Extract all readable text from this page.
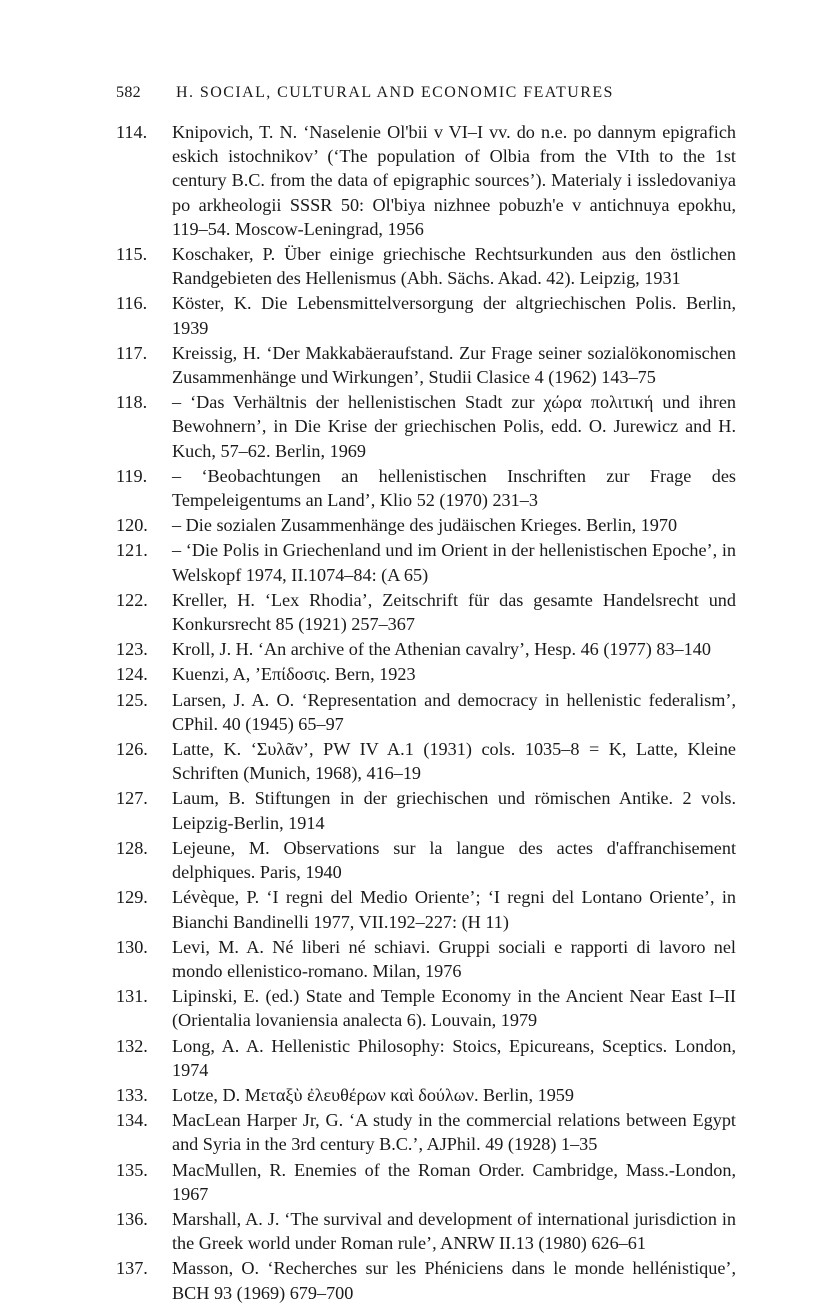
582 H. SOCIAL, CULTURAL AND ECONOMIC FEATURES
114.	Knipovich, T. N. ‘Naselenie Ol'bii v VI–I vv. do n.e. po dannym epigrafich eskich istochnikov’ (‘The population of Olbia from the VIth to the 1st century B.C. from the data of epigraphic sources’). Materialy i issledovaniya po arkheologii SSSR 50: Ol'biya nizhnee pobuzh'e v antichnuya epokhu, 119–54. Moscow-Leningrad, 1956
115.	Koschaker, P. Über einige griechische Rechtsurkunden aus den östlichen Randgebieten des Hellenismus (Abh. Sächs. Akad. 42). Leipzig, 1931
116.	Köster, K. Die Lebensmittelversorgung der altgriechischen Polis. Berlin, 1939
117.	Kreissig, H. ‘Der Makkabäeraufstand. Zur Frage seiner sozialökonomischen Zusammenhänge und Wirkungen’, Studii Clasice 4 (1962) 143–75
118.	– ‘Das Verhältnis der hellenistischen Stadt zur χώρα πολιτική und ihren Bewohnern’, in Die Krise der griechischen Polis, edd. O. Jurewicz and H. Kuch, 57–62. Berlin, 1969
119.	– ‘Beobachtungen an hellenistischen Inschriften zur Frage des Tempeleigentums an Land’, Klio 52 (1970) 231–3
120.	– Die sozialen Zusammenhänge des judäischen Krieges. Berlin, 1970
121.	– ‘Die Polis in Griechenland und im Orient in der hellenistischen Epoche’, in Welskopf 1974, II.1074–84: (A 65)
122.	Kreller, H. ‘Lex Rhodia’, Zeitschrift für das gesamte Handelsrecht und Konkursrecht 85 (1921) 257–367
123.	Kroll, J. H. ‘An archive of the Athenian cavalry’, Hesp. 46 (1977) 83–140
124.	Kuenzi, A, ’Επίδοσις. Bern, 1923
125.	Larsen, J. A. O. ‘Representation and democracy in hellenistic federalism’, CPhil. 40 (1945) 65–97
126.	Latte, K. ‘Συλᾶν’, PW IV A.1 (1931) cols. 1035–8 = K, Latte, Kleine Schriften (Munich, 1968), 416–19
127.	Laum, B. Stiftungen in der griechischen und römischen Antike. 2 vols. Leipzig-Berlin, 1914
128.	Lejeune, M. Observations sur la langue des actes d'affranchisement delphiques. Paris, 1940
129.	Lévèque, P. ‘I regni del Medio Oriente’; ‘I regni del Lontano Oriente’, in Bianchi Bandinelli 1977, VII.192–227: (H 11)
130.	Levi, M. A. Né liberi né schiavi. Gruppi sociali e rapporti di lavoro nel mondo ellenistico-romano. Milan, 1976
131.	Lipinski, E. (ed.) State and Temple Economy in the Ancient Near East I–II (Orientalia lovaniensia analecta 6). Louvain, 1979
132.	Long, A. A. Hellenistic Philosophy: Stoics, Epicureans, Sceptics. London, 1974
133.	Lotze, D. Μεταξὺ ἐλευθέρων καὶ δούλων. Berlin, 1959
134.	MacLean Harper Jr, G. ‘A study in the commercial relations between Egypt and Syria in the 3rd century B.C.’, AJPhil. 49 (1928) 1–35
135.	MacMullen, R. Enemies of the Roman Order. Cambridge, Mass.-London, 1967
136.	Marshall, A. J. ‘The survival and development of international jurisdiction in the Greek world under Roman rule’, ANRW II.13 (1980) 626–61
137.	Masson, O. ‘Recherches sur les Phéniciens dans le monde hellénistique’, BCH 93 (1969) 679–700
